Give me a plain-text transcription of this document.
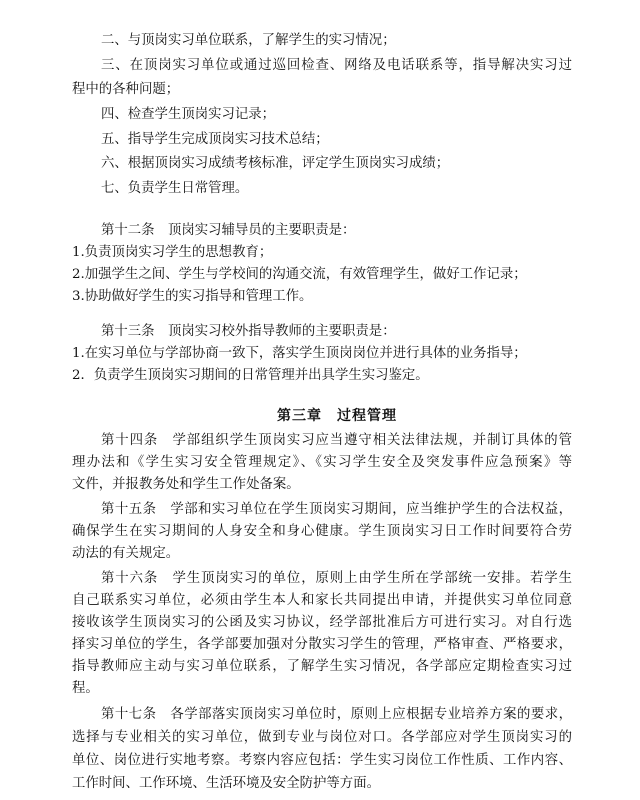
二、与顶岗实习单位联系，了解学生的实习情况；
三、在顶岗实习单位或通过巡回检查、网络及电话联系等，指导解决实习过
程中的各种问题；
四、检查学生顶岗实习记录；
五、指导学生完成顶岗实习技术总结；
六、根据顶岗实习成绩考核标准，评定学生顶岗实习成绩；
七、负责学生日常管理。
第十二条　顶岗实习辅导员的主要职责是：
1.负责顶岗实习学生的思想教育；
2.加强学生之间、学生与学校间的沟通交流，有效管理学生，做好工作记录；
3.协助做好学生的实习指导和管理工作。
第十三条　顶岗实习校外指导教师的主要职责是：
1.在实习单位与学部协商一致下，落实学生顶岗岗位并进行具体的业务指导；
2．负责学生顶岗实习期间的日常管理并出具学生实习鉴定。
第三章　过程管理
第十四条　学部组织学生顶岗实习应当遵守相关法律法规，并制订具体的管
理办法和《学生实习安全管理规定》、《实习学生安全及突发事件应急预案》等
文件，并报教务处和学生工作处备案。
第十五条　学部和实习单位在学生顶岗实习期间，应当维护学生的合法权益，
确保学生在实习期间的人身安全和身心健康。学生顶岗实习日工作时间要符合劳
动法的有关规定。
第十六条　学生顶岗实习的单位，原则上由学生所在学部统一安排。若学生
自己联系实习单位，必须由学生本人和家长共同提出申请，并提供实习单位同意
接收该学生顶岗实习的公函及实习协议，经学部批准后方可进行实习。对自行选
择实习单位的学生，各学部要加强对分散实习学生的管理，严格审查、严格要求，
指导教师应主动与实习单位联系，了解学生实习情况，各学部应定期检查实习过
程。
第十七条　各学部落实顶岗实习单位时，原则上应根据专业培养方案的要求，
选择与专业相关的实习单位，做到专业与岗位对口。各学部应对学生顶岗实习的
单位、岗位进行实地考察。考察内容应包括：学生实习岗位工作性质、工作内容、
工作时间、工作环境、生活环境及安全防护等方面。
